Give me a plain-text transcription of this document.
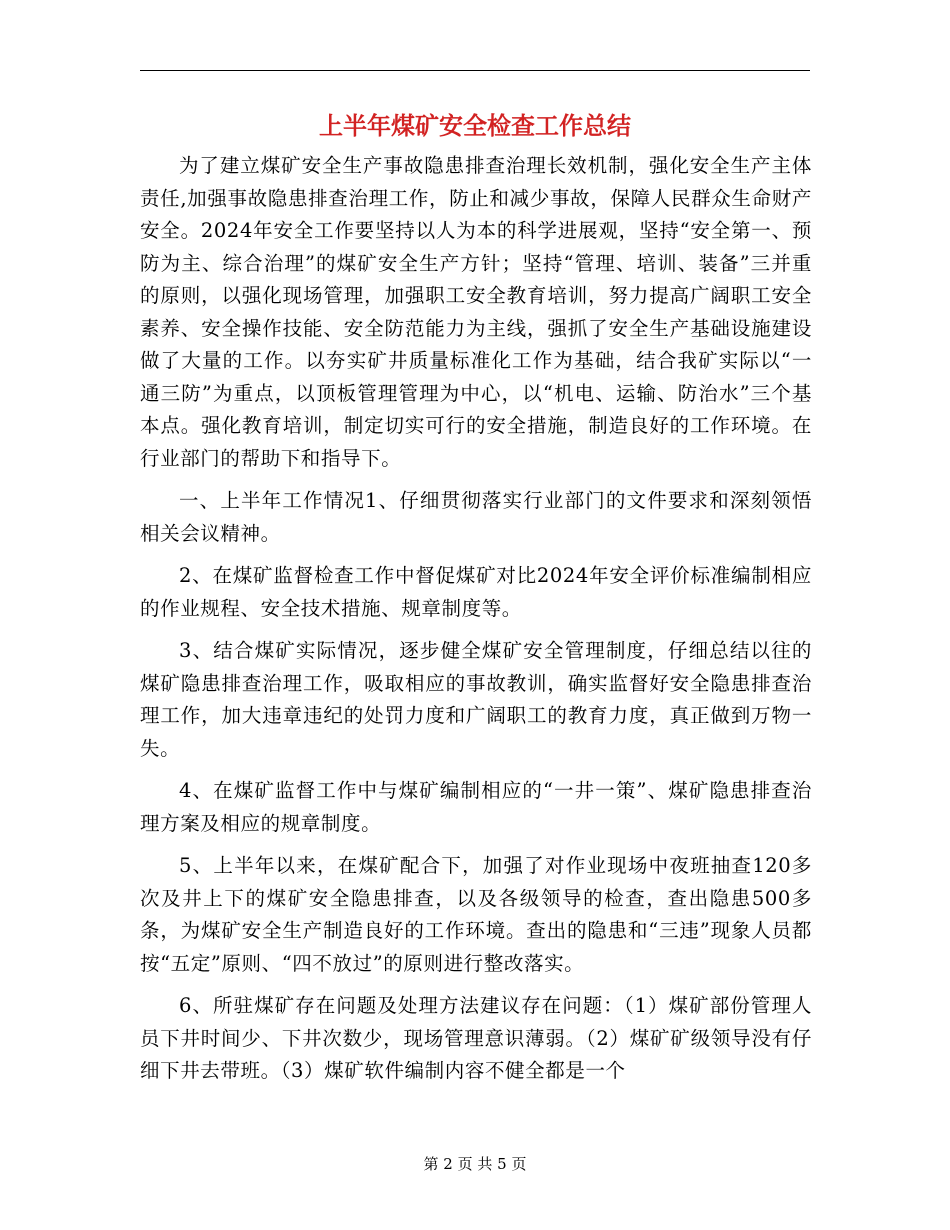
上半年煤矿安全检查工作总结

为了建立煤矿安全生产事故隐患排查治理长效机制，强化安全生产主体责任,加强事故隐患排查治理工作，防止和减少事故，保障人民群众生命财产安全。2024年安全工作要坚持以人为本的科学进展观，坚持“安全第一、预防为主、综合治理”的煤矿安全生产方针；坚持“管理、培训、装备”三并重的原则，以强化现场管理，加强职工安全教育培训，努力提高广阔职工安全素养、安全操作技能、安全防范能力为主线，强抓了安全生产基础设施建设做了大量的工作。以夯实矿井质量标准化工作为基础，结合我矿实际以“一通三防”为重点，以顶板管理管理为中心，以“机电、运输、防治水”三个基本点。强化教育培训，制定切实可行的安全措施，制造良好的工作环境。在行业部门的帮助下和指导下。

一、上半年工作情况1、仔细贯彻落实行业部门的文件要求和深刻领悟相关会议精神。

2、在煤矿监督检查工作中督促煤矿对比2024年安全评价标准编制相应的作业规程、安全技术措施、规章制度等。

3、结合煤矿实际情况，逐步健全煤矿安全管理制度，仔细总结以往的煤矿隐患排查治理工作，吸取相应的事故教训，确实监督好安全隐患排查治理工作，加大违章违纪的处罚力度和广阔职工的教育力度，真正做到万物一失。

4、在煤矿监督工作中与煤矿编制相应的“一井一策”、煤矿隐患排查治理方案及相应的规章制度。

5、上半年以来，在煤矿配合下，加强了对作业现场中夜班抽查120多次及井上下的煤矿安全隐患排查，以及各级领导的检查，查出隐患500多条，为煤矿安全生产制造良好的工作环境。查出的隐患和“三违”现象人员都按“五定”原则、“四不放过”的原则进行整改落实。

6、所驻煤矿存在问题及处理方法建议存在问题：（1）煤矿部份管理人员下井时间少、下井次数少，现场管理意识薄弱。（2）煤矿矿级领导没有仔细下井去带班。（3）煤矿软件编制内容不健全都是一个

第 2 页 共 5 页
